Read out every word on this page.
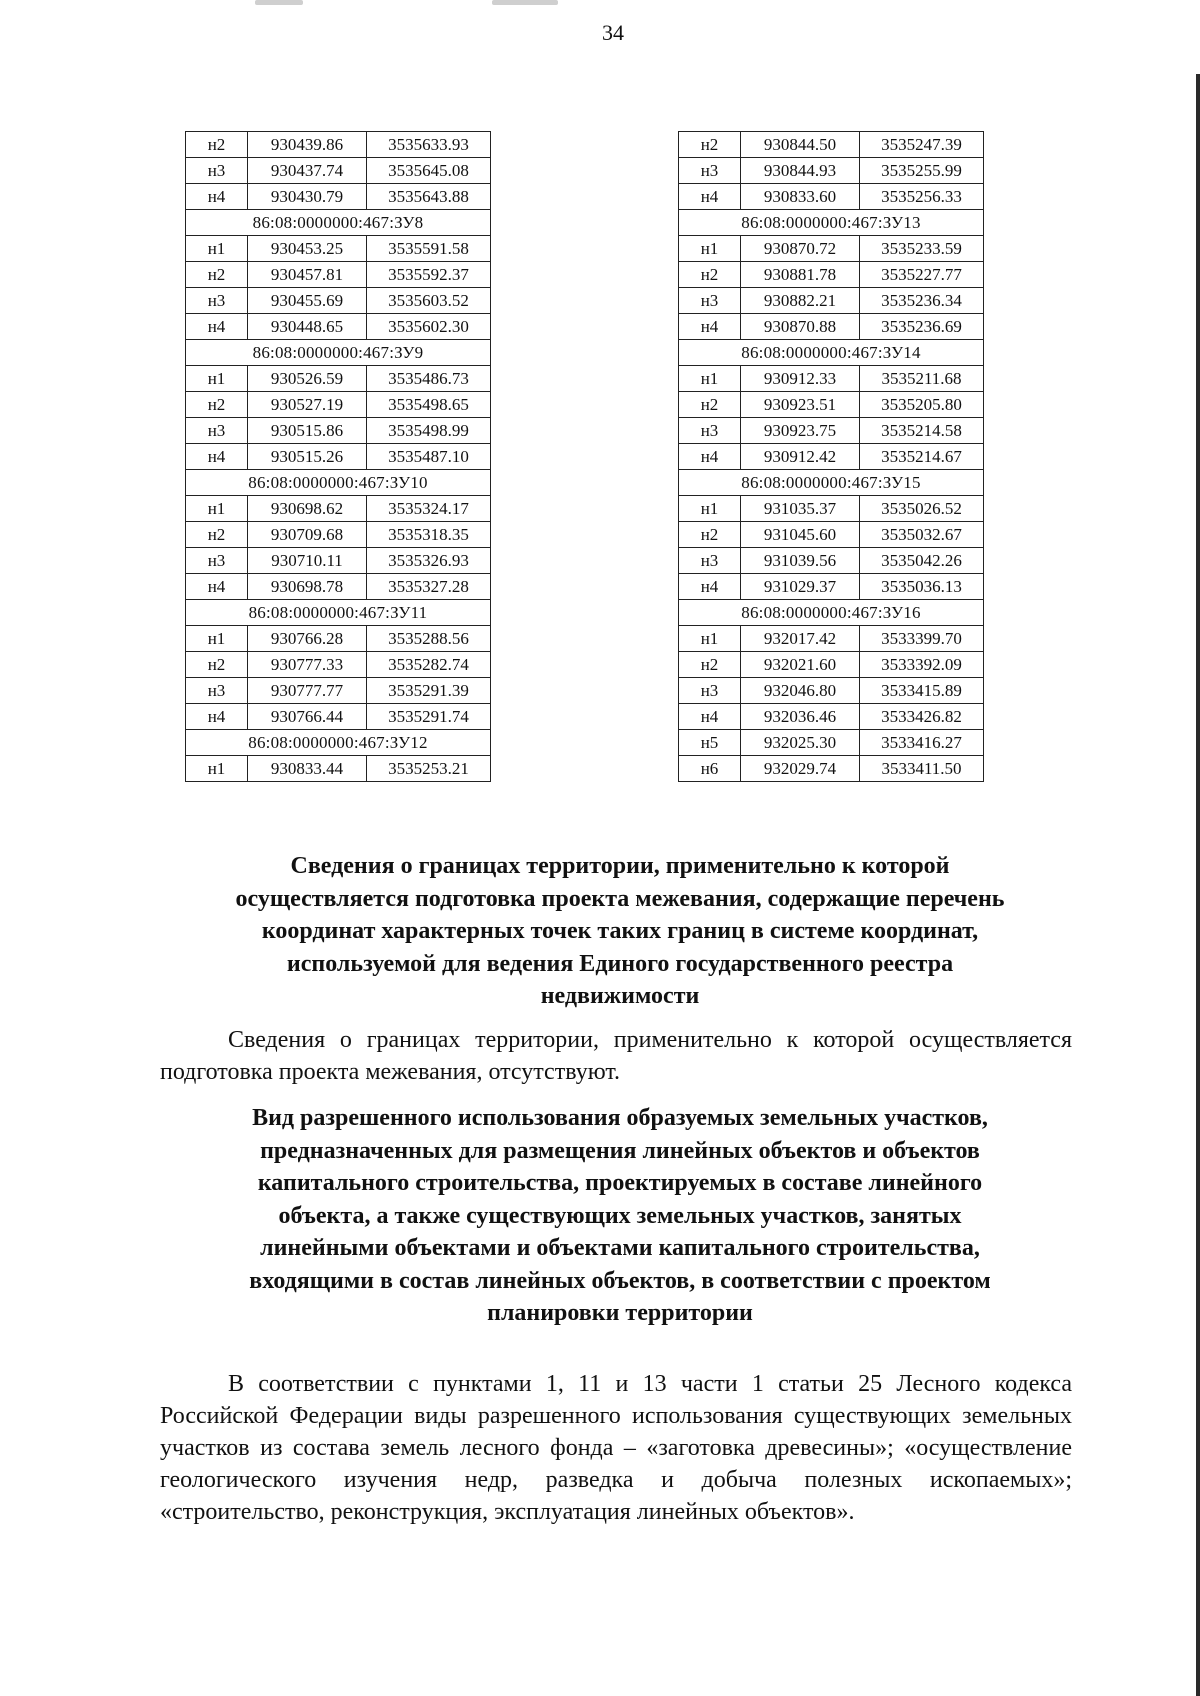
34
н2	930439.86	3535633.93
н3	930437.74	3535645.08
н4	930430.79	3535643.88
86:08:0000000:467:ЗУ8		
н1	930453.25	3535591.58
н2	930457.81	3535592.37
н3	930455.69	3535603.52
н4	930448.65	3535602.30
86:08:0000000:467:ЗУ9		
н1	930526.59	3535486.73
н2	930527.19	3535498.65
н3	930515.86	3535498.99
н4	930515.26	3535487.10
86:08:0000000:467:ЗУ10		
н1	930698.62	3535324.17
н2	930709.68	3535318.35
н3	930710.11	3535326.93
н4	930698.78	3535327.28
86:08:0000000:467:ЗУ11		
н1	930766.28	3535288.56
н2	930777.33	3535282.74
н3	930777.77	3535291.39
н4	930766.44	3535291.74
86:08:0000000:467:ЗУ12		
н1	930833.44	3535253.21
н2	930844.50	3535247.39
н3	930844.93	3535255.99
н4	930833.60	3535256.33
86:08:0000000:467:ЗУ13		
н1	930870.72	3535233.59
н2	930881.78	3535227.77
н3	930882.21	3535236.34
н4	930870.88	3535236.69
86:08:0000000:467:ЗУ14		
н1	930912.33	3535211.68
н2	930923.51	3535205.80
н3	930923.75	3535214.58
н4	930912.42	3535214.67
86:08:0000000:467:ЗУ15		
н1	931035.37	3535026.52
н2	931045.60	3535032.67
н3	931039.56	3535042.26
н4	931029.37	3535036.13
86:08:0000000:467:ЗУ16		
н1	932017.42	3533399.70
н2	932021.60	3533392.09
н3	932046.80	3533415.89
н4	932036.46	3533426.82
н5	932025.30	3533416.27
н6	932029.74	3533411.50
Сведения о границах территории, применительно к которой
осуществляется подготовка проекта межевания, содержащие перечень
координат характерных точек таких границ в системе координат,
используемой для ведения Единого государственного реестра
недвижимости

Сведения о границах территории, применительно к которой осуществляется подготовка проекта межевания, отсутствуют.

Вид разрешенного использования образуемых земельных участков,
предназначенных для размещения линейных объектов и объектов
капитального строительства, проектируемых в составе линейного
объекта, а также существующих земельных участков, занятых
линейными объектами и объектами капитального строительства,
входящими в состав линейных объектов, в соответствии с проектом
планировки территории

В соответствии с пунктами 1, 11 и 13 части 1 статьи 25 Лесного кодекса Российской Федерации виды разрешенного использования существующих земельных участков из состава земель лесного фонда – «заготовка древесины»; «осуществление геологического изучения недр, разведка и добыча полезных ископаемых»; «строительство, реконструкция, эксплуатация линейных объектов».
